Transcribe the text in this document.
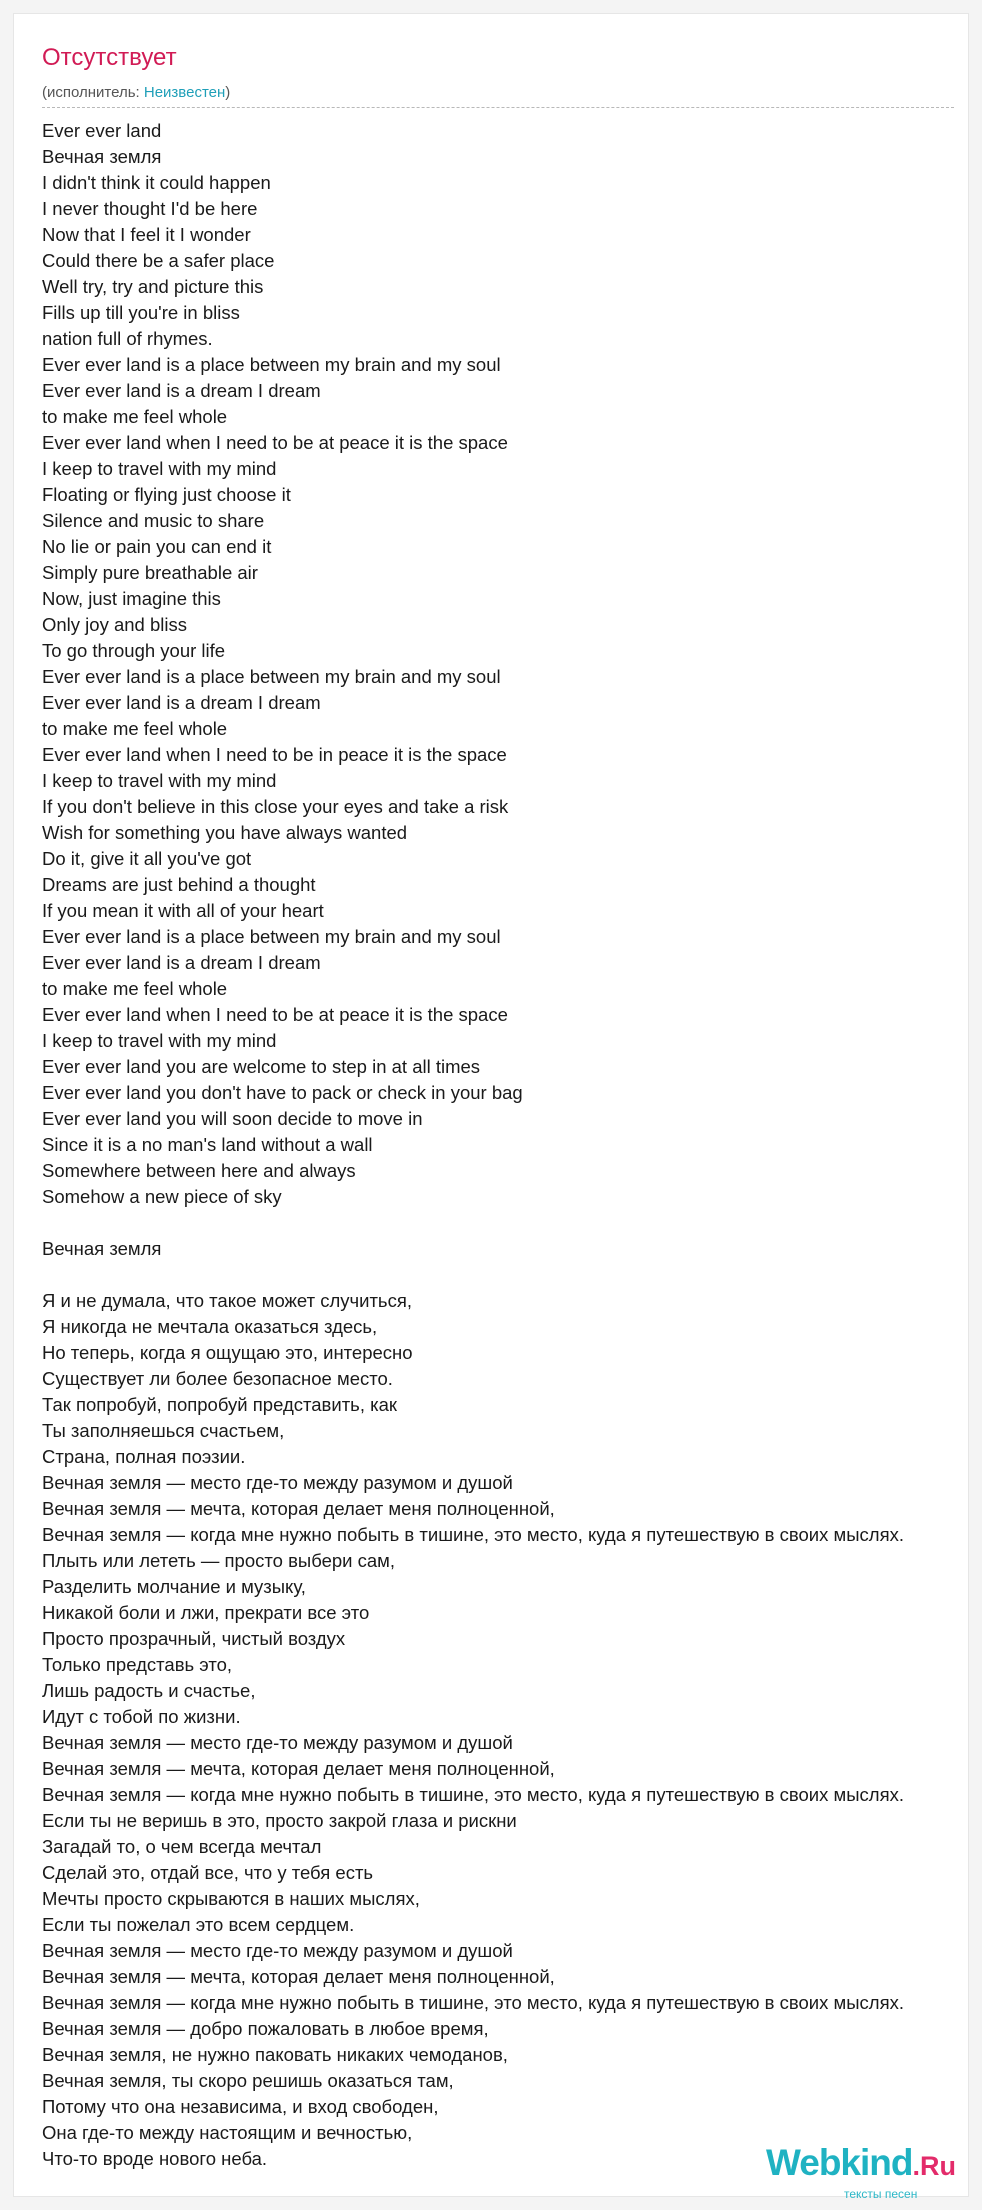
Отсутствует
(исполнитель: Неизвестен)
Ever ever land
Вечная земля
I didn't think it could happen
I never thought I'd be here
Now that I feel it I wonder
Could there be a safer place
Well try, try and picture this
Fills up till you're in bliss
nation full of rhymes.
Ever ever land is a place between my brain and my soul
Ever ever land is a dream I dream
to make me feel whole
Ever ever land when I need to be at peace it is the space
I keep to travel with my mind
Floating or flying just choose it
Silence and music to share
No lie or pain you can end it
Simply pure breathable air
Now, just imagine this
Only joy and bliss
To go through your life
Ever ever land is a place between my brain and my soul
Ever ever land is a dream I dream
to make me feel whole
Ever ever land when I need to be in peace it is the space
I keep to travel with my mind
If you don't believe in this close your eyes and take a risk
Wish for something you have always wanted
Do it, give it all you've got
Dreams are just behind a thought
If you mean it with all of your heart
Ever ever land is a place between my brain and my soul
Ever ever land is a dream I dream
to make me feel whole
Ever ever land when I need to be at peace it is the space
I keep to travel with my mind
Ever ever land you are welcome to step in at all times
Ever ever land you don't have to pack or check in your bag
Ever ever land you will soon decide to move in
Since it is a no man's land without a wall
Somewhere between here and always
Somehow a new piece of sky
Вечная земля
Я и не думала, что такое может случиться,
Я никогда не мечтала оказаться здесь,
Но теперь, когда я ощущаю это, интересно
Существует ли более безопасное место.
Так попробуй, попробуй представить, как
Ты заполняешься счастьем,
Страна, полная поэзии.
Вечная земля — место где-то между разумом и душой
Вечная земля — мечта, которая делает меня полноценной,
Вечная земля — когда мне нужно побыть в тишине, это место, куда я путешествую в своих мыслях.
Плыть или лететь — просто выбери сам,
Разделить молчание и музыку,
Никакой боли и лжи, прекрати все это
Просто прозрачный, чистый воздух
Только представь это,
Лишь радость и счастье,
Идут с тобой по жизни.
Вечная земля — место где-то между разумом и душой
Вечная земля — мечта, которая делает меня полноценной,
Вечная земля — когда мне нужно побыть в тишине, это место, куда я путешествую в своих мыслях.
Если ты не веришь в это, просто закрой глаза и рискни
Загадай то, о чем всегда мечтал
Сделай это, отдай все, что у тебя есть
Мечты просто скрываются в наших мыслях,
Если ты пожелал это всем сердцем.
Вечная земля — место где-то между разумом и душой
Вечная земля — мечта, которая делает меня полноценной,
Вечная земля — когда мне нужно побыть в тишине, это место, куда я путешествую в своих мыслях.
Вечная земля — добро пожаловать в любое время,
Вечная земля, не нужно паковать никаких чемоданов,
Вечная земля, ты скоро решишь оказаться там,
Потому что она независима, и вход свободен,
Она где-то между настоящим и вечностью,
Что-то вроде нового неба.	Webkind.Ru
тексты песен
